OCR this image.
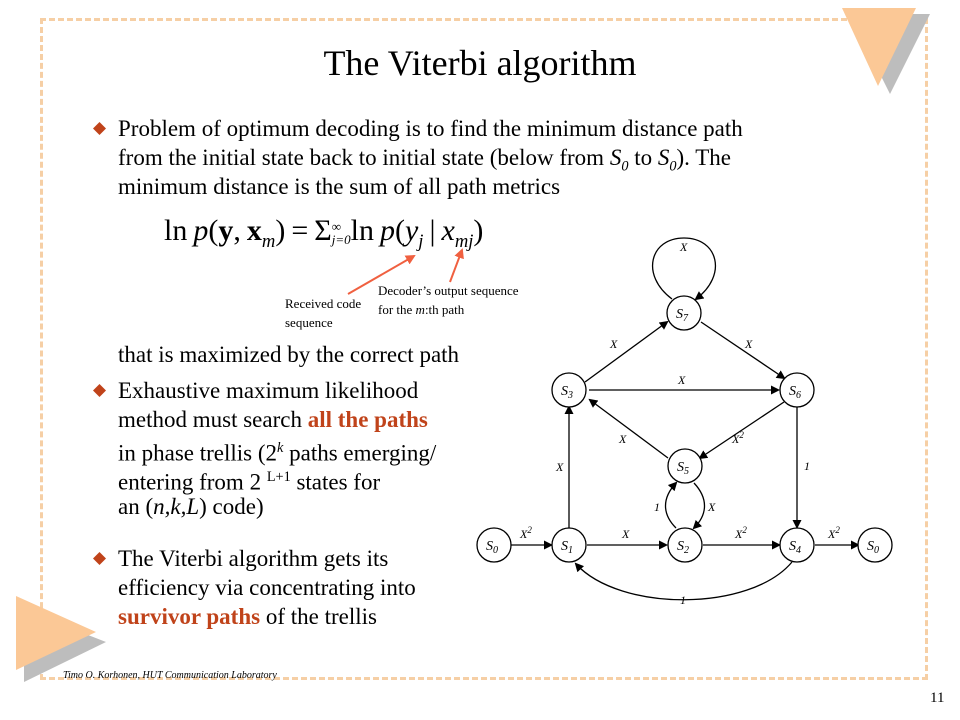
The Viterbi algorithm
Problem of optimum decoding is to find the minimum distance path
from the initial state back to initial state (below from $S_0$ to $S_0$). The
minimum distance is the sum of all path metrics
ln  p(y, $x_m) = \Sigma$ ∞
j=0 $\ln p(y_j$ | $x_{mj}$)
Received code
sequence
Decoder’s output sequence
for the m:th path
that is maximized by the correct path
Exhaustive maximum likelihood
method must search all the paths
in phase trellis (2$^k$ paths emerging/
entering from 2 $^{L+1}$ states for
an (n,k,L) code)
The Viterbi algorithm gets its
efficiency via concentrating into
survivor paths of the trellis
$S_0$	$S_1$	$S_2$
$S_3$
$S_4$
$S_5$
$S_6$
$S_7$
$S_0$
X
X	X
X
X	$X^2$
X	1
X
1
$X^2$	X	$X^2$	$X^2$
1
Timo O. Korhonen, HUT Communication Laboratory
11
